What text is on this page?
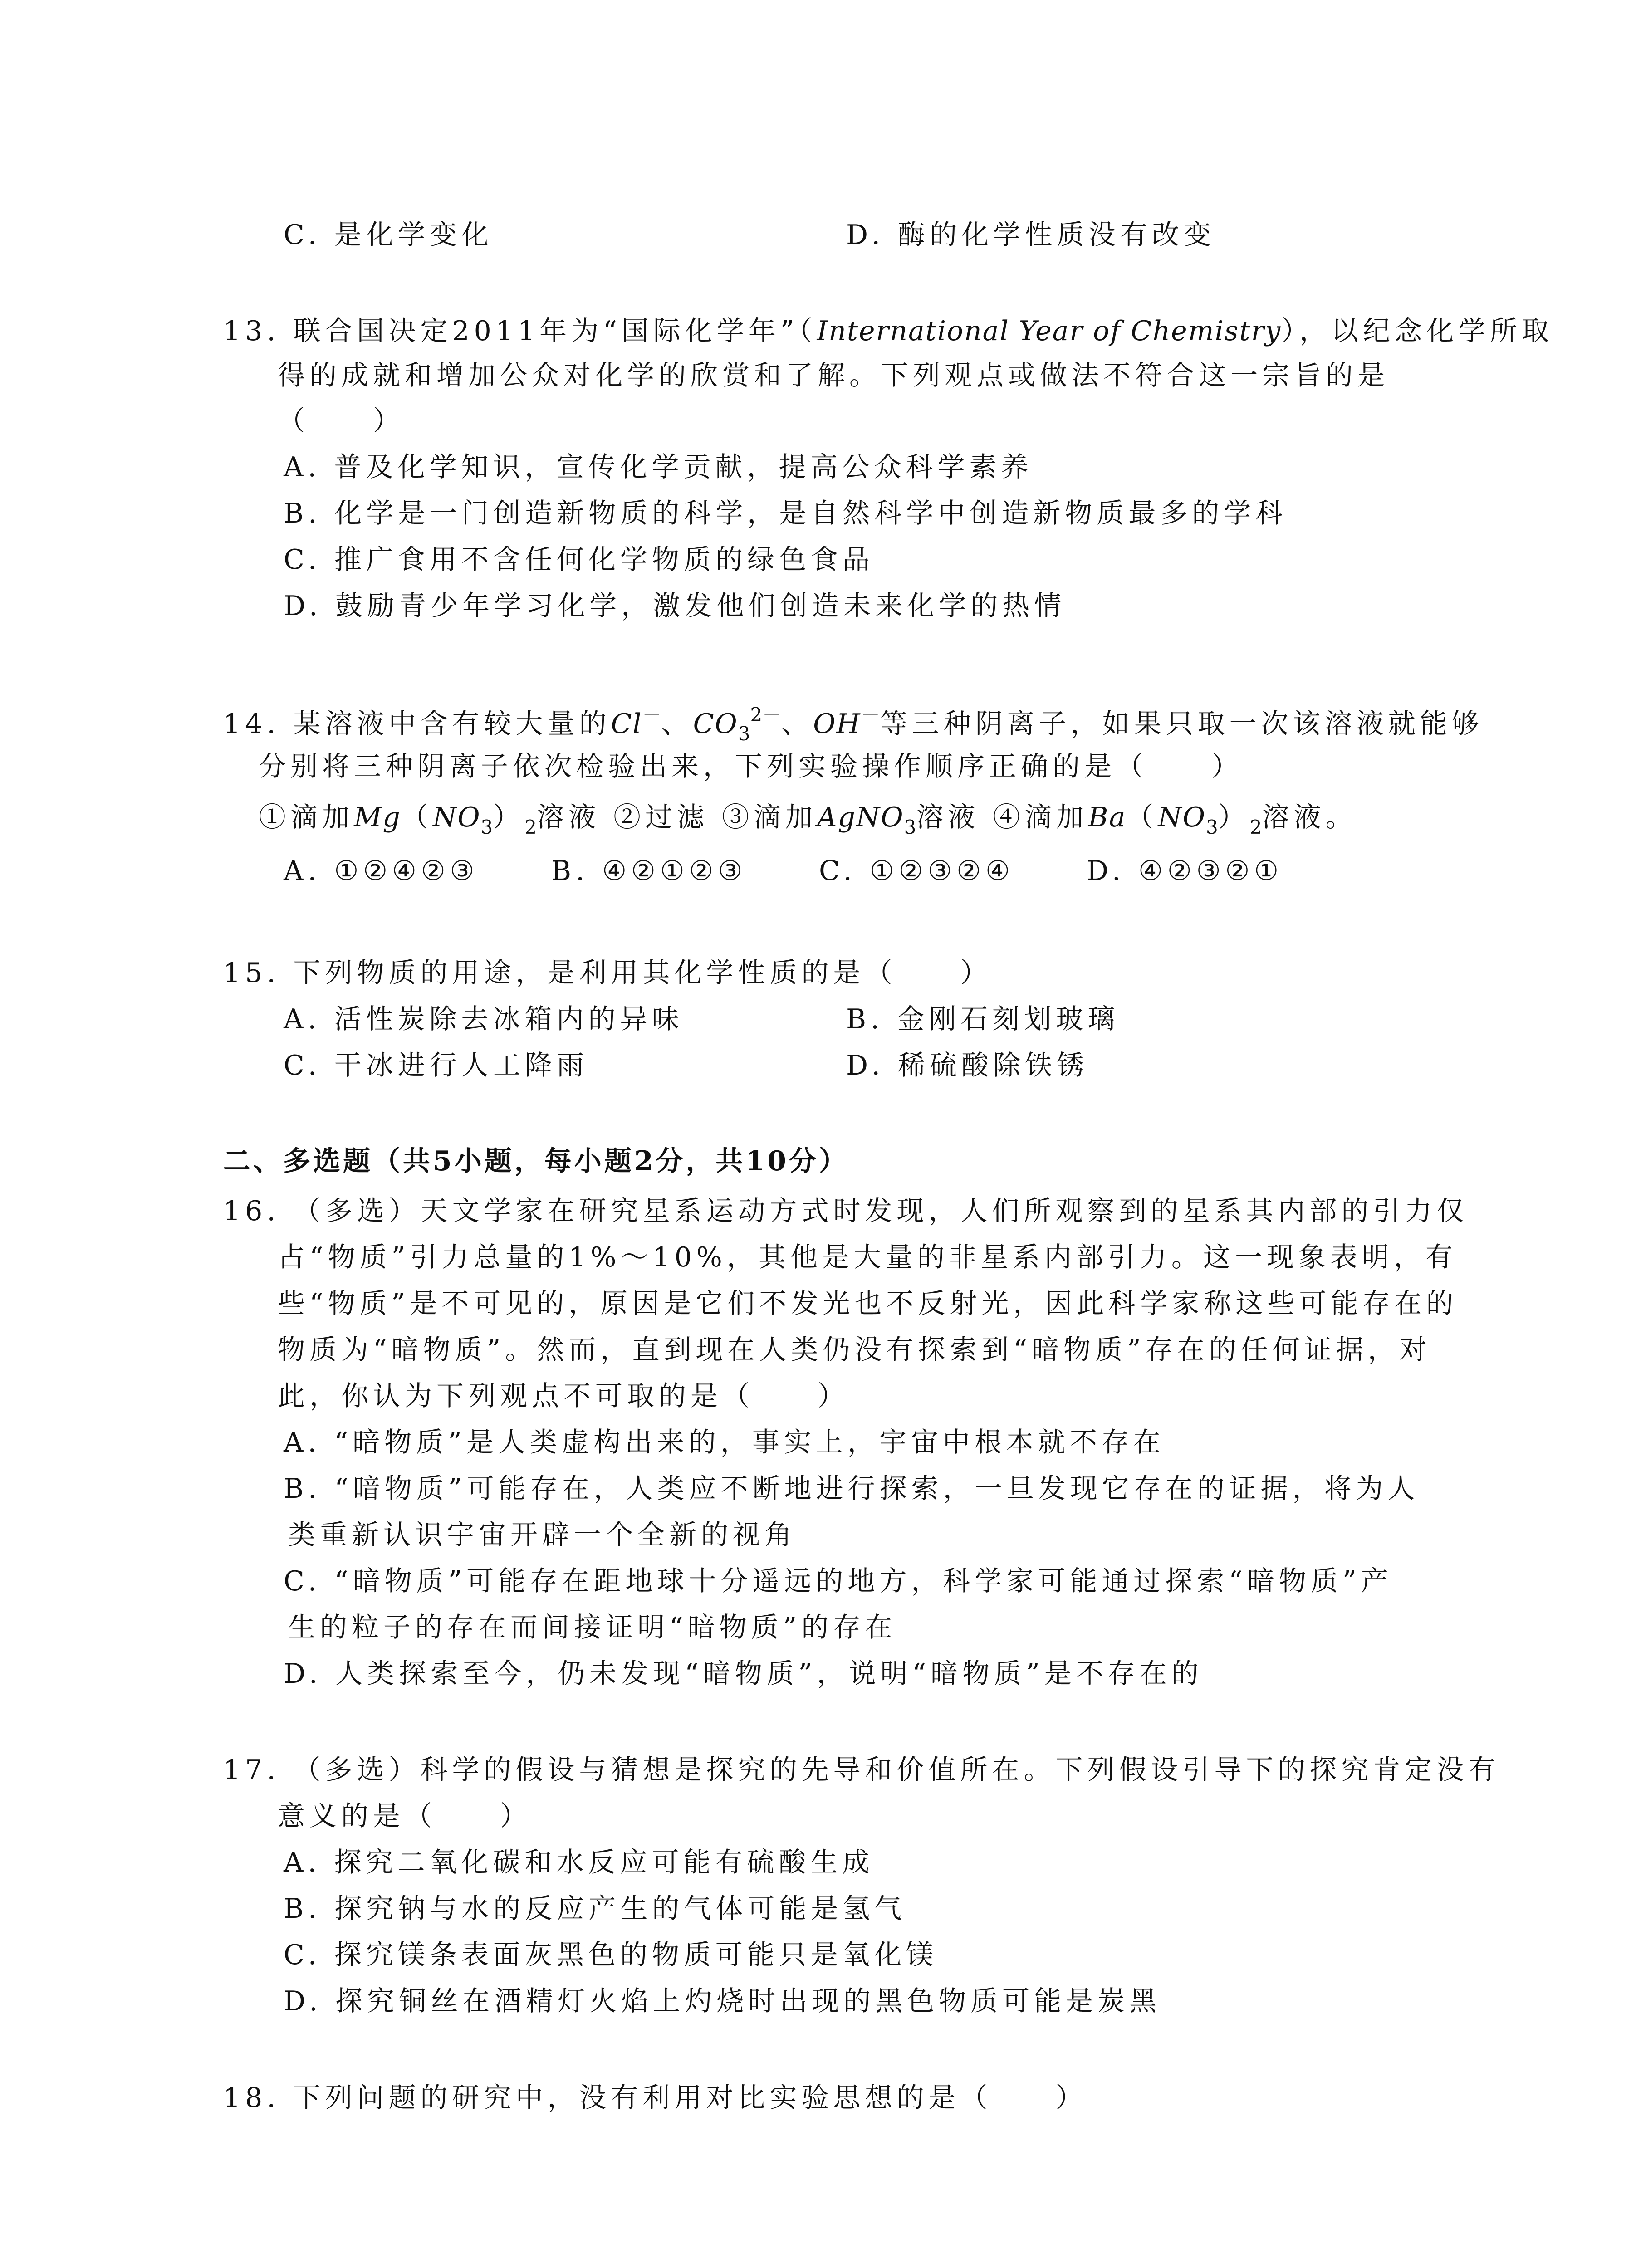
C. 是化学变化	D. 酶的化学性质没有改变
13. 联合国决定2011年为“国际化学年”（International Year of Chemistry），以纪念化学所取
得的成就和增加公众对化学的欣赏和了解。下列观点或做法不符合这一宗旨的是
（　　）
A. 普及化学知识，宣传化学贡献，提高公众科学素养
B. 化学是一门创造新物质的科学，是自然科学中创造新物质最多的学科
C. 推广食用不含任何化学物质的绿色食品
D. 鼓励青少年学习化学，激发他们创造未来化学的热情
14. 某溶液中含有较大量的Cl－、$CO_3^{2-}$、OH－等三种阴离子，如果只取一次该溶液就能够
分别将三种阴离子依次检验出来，下列实验操作顺序正确的是（　　）
①滴加$Mg(NO_3)_2$溶液 ②过滤 ③滴加AgNO$_3$溶液 ④滴加$Ba(NO_3)_2$溶液。
A. ①②④②③	B. ④②①②③	C. ①②③②④	D. ④②③②①
15. 下列物质的用途，是利用其化学性质的是（　　）
A. 活性炭除去冰箱内的异味	B. 金刚石刻划玻璃
C. 干冰进行人工降雨	D. 稀硫酸除铁锈
二、多选题（共5小题，每小题2分，共10分）
16. （多选）天文学家在研究星系运动方式时发现，人们所观察到的星系其内部的引力仅
占“物质”引力总量的1%～10%，其他是大量的非星系内部引力。这一现象表明，有
些“物质”是不可见的，原因是它们不发光也不反射光，因此科学家称这些可能存在的
物质为“暗物质”。然而，直到现在人类仍没有探索到“暗物质”存在的任何证据，对
此，你认为下列观点不可取的是（　　）
A. “暗物质”是人类虚构出来的，事实上，宇宙中根本就不存在
B. “暗物质”可能存在，人类应不断地进行探索，一旦发现它存在的证据，将为人
类重新认识宇宙开辟一个全新的视角
C. “暗物质”可能存在距地球十分遥远的地方，科学家可能通过探索“暗物质”产
生的粒子的存在而间接证明“暗物质”的存在
D. 人类探索至今，仍未发现“暗物质”，说明“暗物质”是不存在的
17. （多选）科学的假设与猜想是探究的先导和价值所在。下列假设引导下的探究肯定没有
意义的是（　　）
A. 探究二氧化碳和水反应可能有硫酸生成
B. 探究钠与水的反应产生的气体可能是氢气
C. 探究镁条表面灰黑色的物质可能只是氧化镁
D. 探究铜丝在酒精灯火焰上灼烧时出现的黑色物质可能是炭黑
18. 下列问题的研究中，没有利用对比实验思想的是（　　）
